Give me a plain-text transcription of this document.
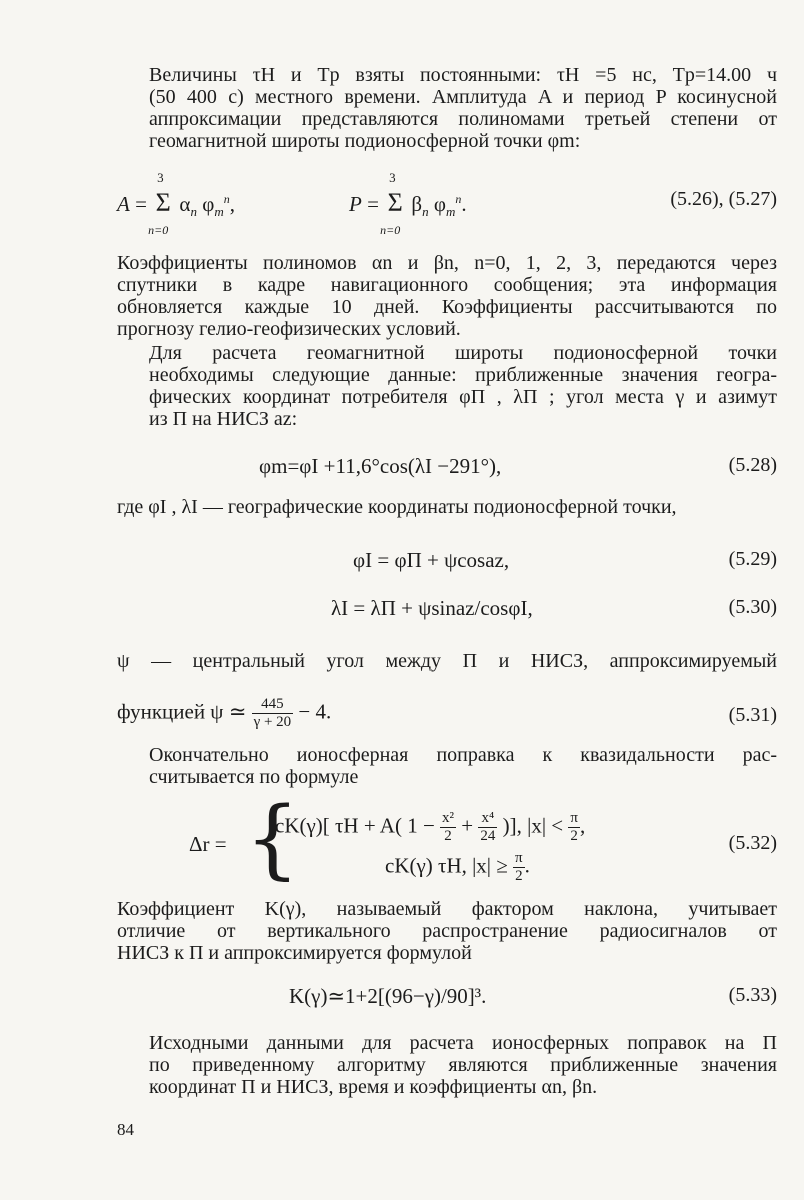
Величины τH и Tp взяты постоянными: τH =5 нс, Tp=14.00 ч
(50 400 с) местного времени. Амплитуда A и период P косинусной
аппроксимации представляются полиномами третьей степени от
геомагнитной широты подионосферной точки φm:

A = Σ
3
n=0
$\alpha_n$ $\varphi_m^n$,	P = Σ
3
n=0
$\beta_n$ $\varphi_m^n$.	(5.26), (5.27)

Коэффициенты полиномов αn и βn, n=0, 1, 2, 3, передаются через
спутники в кадре навигационного сообщения; эта информация
обновляется каждые 10 дней. Коэффициенты рассчитываются по
прогнозу гелио-геофизических условий.

Для расчета геомагнитной широты подионосферной точки
необходимы следующие данные: приближенные значения геогра-
фических координат потребителя φП , λП ; угол места γ и азимут
из П на НИСЗ az:

φm=φI +11,6°cos(λI −291°),	(5.28)

где φI , λI — географические координаты подионосферной точки,

φI = φП + ψcosaz,	(5.29)
λI = λП + ψsinaz/cosφI,	(5.30)

ψ — центральный угол между П и НИСЗ, аппроксимируемый

функцией ψ ≃ $\frac{445}{\gamma + 20} - 4$.	(5.31)

Окончательно ионосферная поправка к квазидальности рас-
считывается по формуле

Δr = {
cK(γ)[ τH + A( $1 - \frac{\text{x²}}{2} + \frac{\text{x⁴}}{24}$ )], $|x| < \frac{\pi}{2}$ ,
cK(γ) τH, $|x| \ge \frac{\pi}{2}$ .
(5.32)

Коэффициент K(γ), называемый фактором наклона, учитывает
отличие от вертикального распространение радиосигналов от
НИСЗ к П и аппроксимируется формулой

K(γ)≃1+2[(96−γ)/90]³.	(5.33)

Исходными данными для расчета ионосферных поправок на П
по приведенному алгоритму являются приближенные значения
координат П и НИСЗ, время и коэффициенты αn, βn.

84
